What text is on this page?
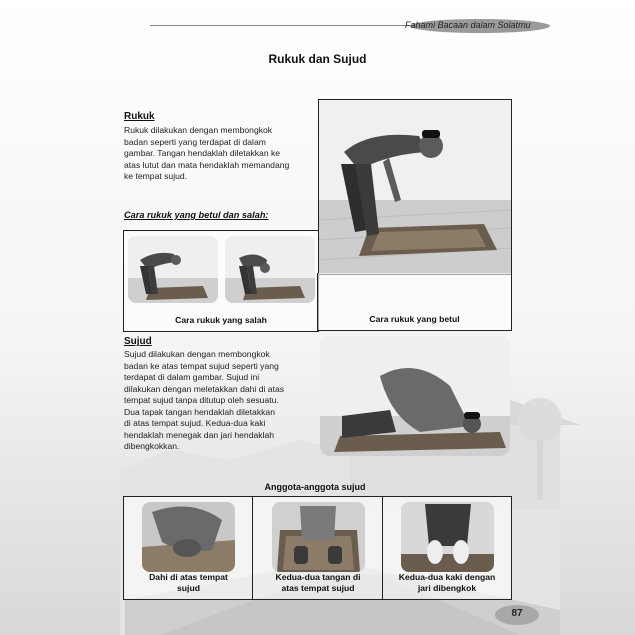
Fahami Bacaan dalam Solatmu
Rukuk dan Sujud
Rukuk
Rukuk dilakukan dengan membongkok
badan seperti yang terdapat di dalam
gambar. Tangan hendaklah diletakkan ke
atas lutut dan mata hendaklah memandang
ke tempat sujud.
Cara rukuk yang betul dan salah:
Cara rukuk yang salah	Cara rukuk yang betul
Sujud
Sujud dilakukan dengan membongkok
badan ke atas tempat sujud seperti yang
terdapat di dalam gambar. Sujud ini
dilakukan dengan meletakkan dahi di atas
tempat sujud tanpa ditutup oleh sesuatu.
Dua tapak tangan hendaklah diletakkan
di atas tempat sujud. Kedua-dua kaki
hendaklah menegak dan jari hendaklah
dibengkokkan.
Anggota-anggota sujud
Dahi di atas tempat
sujud
Kedua-dua tangan di
atas tempat sujud
Kedua-dua kaki dengan
jari dibengkok
87
